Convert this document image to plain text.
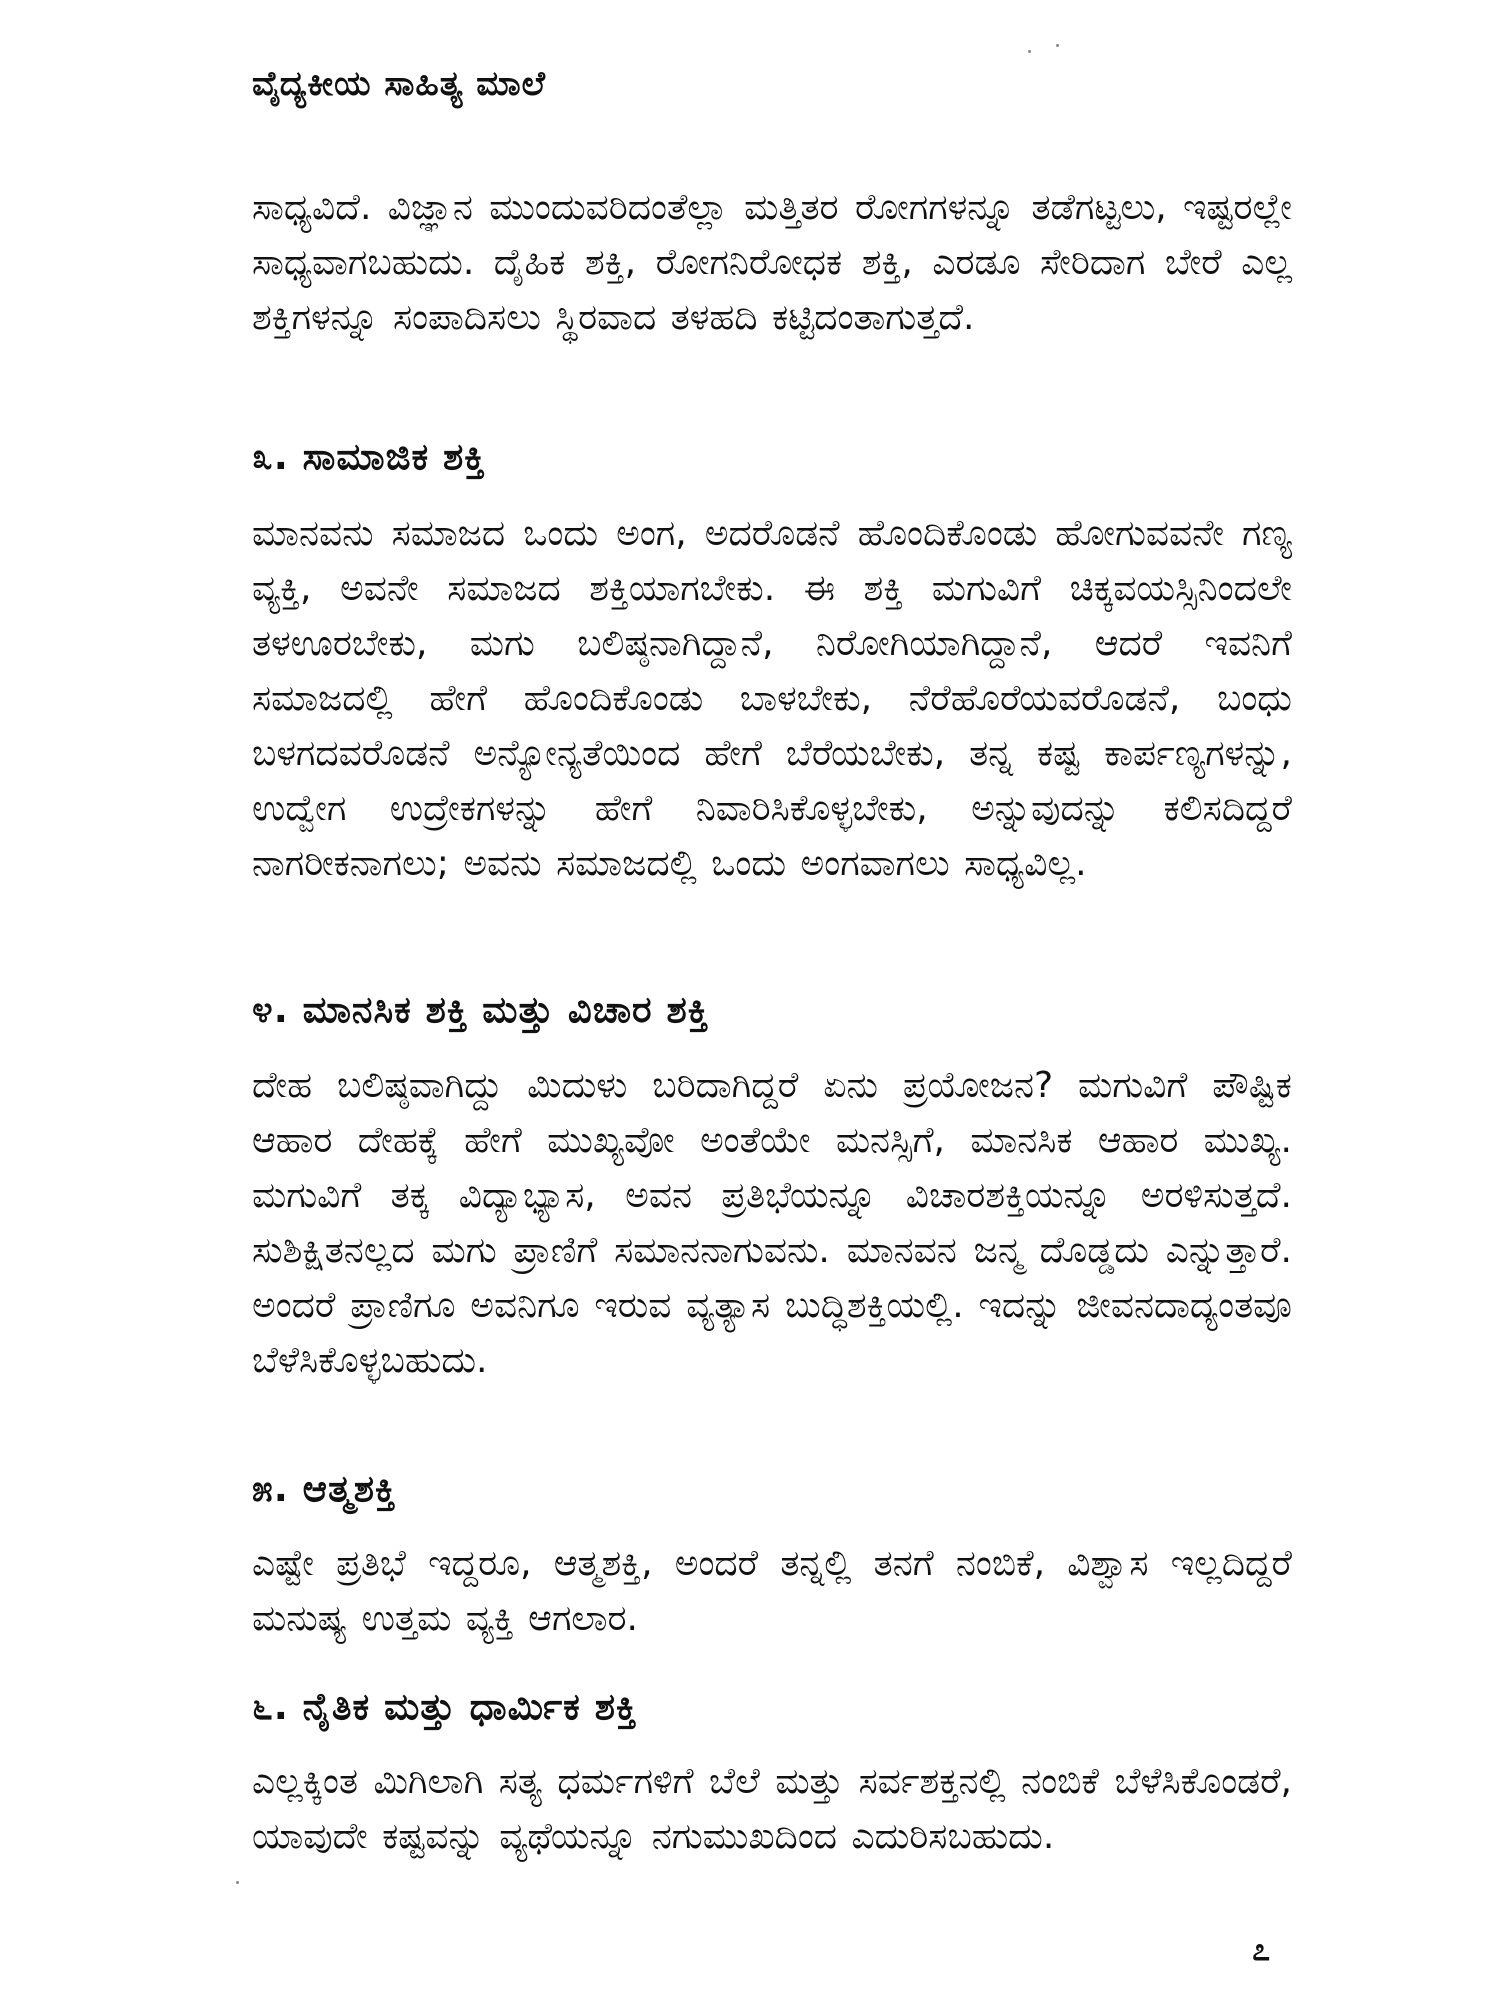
ವೈದ್ಯಕೀಯ ಸಾಹಿತ್ಯ ಮಾಲೆ
ಸಾಧ್ಯವಿದೆ. ವಿಜ್ಞಾನ ಮುಂದುವರಿದಂತೆಲ್ಲಾ ಮತ್ತಿತರ ರೋಗಗಳನ್ನೂ ತಡೆಗಟ್ಟಲು, ಇಷ್ಟರಲ್ಲೇ ಸಾಧ್ಯವಾಗಬಹುದು. ದೈಹಿಕ ಶಕ್ತಿ, ರೋಗನಿರೋಧಕ ಶಕ್ತಿ, ಎರಡೂ ಸೇರಿದಾಗ ಬೇರೆ ಎಲ್ಲ ಶಕ್ತಿಗಳನ್ನೂ ಸಂಪಾದಿಸಲು ಸ್ಥಿರವಾದ ತಳಹದಿ ಕಟ್ಟಿದಂತಾಗುತ್ತದೆ.
೩. ಸಾಮಾಜಿಕ ಶಕ್ತಿ
ಮಾನವನು ಸಮಾಜದ ಒಂದು ಅಂಗ, ಅದರೊಡನೆ ಹೊಂದಿಕೊಂಡು ಹೋಗುವವನೇ ಗಣ್ಯ ವ್ಯಕ್ತಿ, ಅವನೇ ಸಮಾಜದ ಶಕ್ತಿಯಾಗಬೇಕು. ಈ ಶಕ್ತಿ ಮಗುವಿಗೆ ಚಿಕ್ಕವಯಸ್ಸಿನಿಂದಲೇ ತಳಊರಬೇಕು, ಮಗು ಬಲಿಷ್ಠನಾಗಿದ್ದಾನೆ, ನಿರೋಗಿಯಾಗಿದ್ದಾನೆ, ಆದರೆ ಇವನಿಗೆ ಸಮಾಜದಲ್ಲಿ ಹೇಗೆ ಹೊಂದಿಕೊಂಡು ಬಾಳಬೇಕು, ನೆರೆಹೊರೆಯವರೊಡನೆ, ಬಂಧು ಬಳಗದವರೊಡನೆ ಅನ್ಯೋನ್ಯತೆಯಿಂದ ಹೇಗೆ ಬೆರೆಯಬೇಕು, ತನ್ನ ಕಷ್ಟ ಕಾರ್ಪಣ್ಯಗಳನ್ನು, ಉದ್ವೇಗ ಉದ್ರೇಕಗಳನ್ನು ಹೇಗೆ ನಿವಾರಿಸಿಕೊಳ್ಳಬೇಕು, ಅನ್ನುವುದನ್ನು ಕಲಿಸದಿದ್ದರೆ ನಾಗರೀಕನಾಗಲು; ಅವನು ಸಮಾಜದಲ್ಲಿ ಒಂದು ಅಂಗವಾಗಲು ಸಾಧ್ಯವಿಲ್ಲ.
೪. ಮಾನಸಿಕ ಶಕ್ತಿ ಮತ್ತು ವಿಚಾರ ಶಕ್ತಿ
ದೇಹ ಬಲಿಷ್ಠವಾಗಿದ್ದು ಮಿದುಳು ಬರಿದಾಗಿದ್ದರೆ ಏನು ಪ್ರಯೋಜನ? ಮಗುವಿಗೆ ಪೌಷ್ಟಿಕ ಆಹಾರ ದೇಹಕ್ಕೆ ಹೇಗೆ ಮುಖ್ಯವೋ ಅಂತೆಯೇ ಮನಸ್ಸಿಗೆ, ಮಾನಸಿಕ ಆಹಾರ ಮುಖ್ಯ. ಮಗುವಿಗೆ ತಕ್ಕ ವಿದ್ಯಾಭ್ಯಾಸ, ಅವನ ಪ್ರತಿಭೆಯನ್ನೂ ವಿಚಾರಶಕ್ತಿಯನ್ನೂ ಅರಳಿಸುತ್ತದೆ. ಸುಶಿಕ್ಷಿತನಲ್ಲದ ಮಗು ಪ್ರಾಣಿಗೆ ಸಮಾನನಾಗುವನು. ಮಾನವನ ಜನ್ಮ ದೊಡ್ಡದು ಎನ್ನುತ್ತಾರೆ. ಅಂದರೆ ಪ್ರಾಣಿಗೂ ಅವನಿಗೂ ಇರುವ ವ್ಯತ್ಯಾಸ ಬುದ್ಧಿಶಕ್ತಿಯಲ್ಲಿ. ಇದನ್ನು ಜೀವನದಾದ್ಯಂತವೂ ಬೆಳೆಸಿಕೊಳ್ಳಬಹುದು.
೫. ಆತ್ಮಶಕ್ತಿ
ಎಷ್ಟೇ ಪ್ರತಿಭೆ ಇದ್ದರೂ, ಆತ್ಮಶಕ್ತಿ, ಅಂದರೆ ತನ್ನಲ್ಲಿ ತನಗೆ ನಂಬಿಕೆ, ವಿಶ್ವಾಸ ಇಲ್ಲದಿದ್ದರೆ ಮನುಷ್ಯ ಉತ್ತಮ ವ್ಯಕ್ತಿ ಆಗಲಾರ.
೬. ನೈತಿಕ ಮತ್ತು ಧಾರ್ಮಿಕ ಶಕ್ತಿ
ಎಲ್ಲಕ್ಕಿಂತ ಮಿಗಿಲಾಗಿ ಸತ್ಯ ಧರ್ಮಗಳಿಗೆ ಬೆಲೆ ಮತ್ತು ಸರ್ವಶಕ್ತನಲ್ಲಿ ನಂಬಿಕೆ ಬೆಳೆಸಿಕೊಂಡರೆ, ಯಾವುದೇ ಕಷ್ಟವನ್ನು ವ್ಯಥೆಯನ್ನೂ ನಗುಮುಖದಿಂದ ಎದುರಿಸಬಹುದು.
೭
